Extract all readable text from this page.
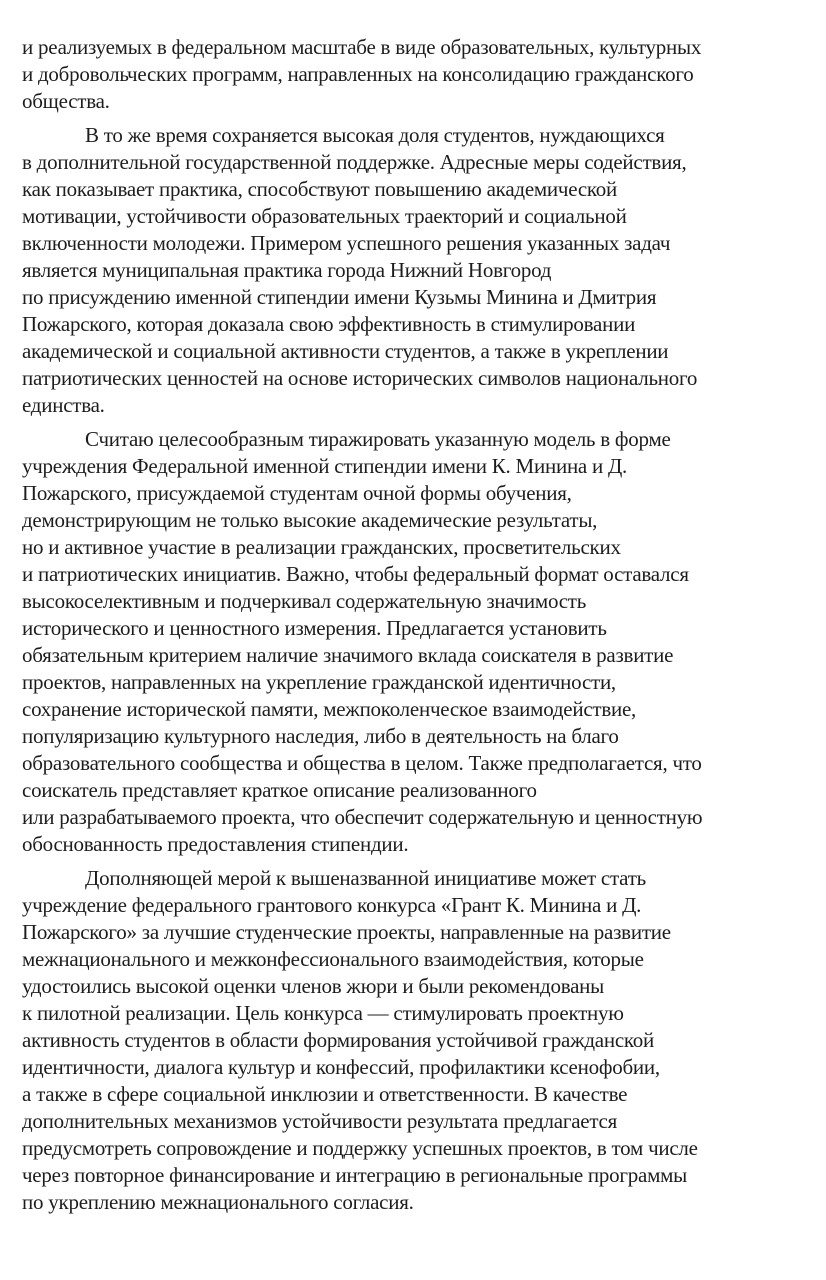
и реализуемых в федеральном масштабе в виде образовательных, культурных
и добровольческих программ, направленных на консолидацию гражданского
общества.
В то же время сохраняется высокая доля студентов, нуждающихся
в дополнительной государственной поддержке. Адресные меры содействия,
как показывает практика, способствуют повышению академической
мотивации, устойчивости образовательных траекторий и социальной
включенности молодежи. Примером успешного решения указанных задач
является муниципальная практика города Нижний Новгород
по присуждению именной стипендии имени Кузьмы Минина и Дмитрия
Пожарского, которая доказала свою эффективность в стимулировании
академической и социальной активности студентов, а также в укреплении
патриотических ценностей на основе исторических символов национального
единства.
Считаю целесообразным тиражировать указанную модель в форме
учреждения Федеральной именной стипендии имени К. Минина и Д.
Пожарского, присуждаемой студентам очной формы обучения,
демонстрирующим не только высокие академические результаты,
но и активное участие в реализации гражданских, просветительских
и патриотических инициатив. Важно, чтобы федеральный формат оставался
высокоселективным и подчеркивал содержательную значимость
исторического и ценностного измерения. Предлагается установить
обязательным критерием наличие значимого вклада соискателя в развитие
проектов, направленных на укрепление гражданской идентичности,
сохранение исторической памяти, межпоколенческое взаимодействие,
популяризацию культурного наследия, либо в деятельность на благо
образовательного сообщества и общества в целом. Также предполагается, что
соискатель представляет краткое описание реализованного
или разрабатываемого проекта, что обеспечит содержательную и ценностную
обоснованность предоставления стипендии.
Дополняющей мерой к вышеназванной инициативе может стать
учреждение федерального грантового конкурса «Грант К. Минина и Д.
Пожарского» за лучшие студенческие проекты, направленные на развитие
межнационального и межконфессионального взаимодействия, которые
удостоились высокой оценки членов жюри и были рекомендованы
к пилотной реализации. Цель конкурса — стимулировать проектную
активность студентов в области формирования устойчивой гражданской
идентичности, диалога культур и конфессий, профилактики ксенофобии,
а также в сфере социальной инклюзии и ответственности. В качестве
дополнительных механизмов устойчивости результата предлагается
предусмотреть сопровождение и поддержку успешных проектов, в том числе
через повторное финансирование и интеграцию в региональные программы
по укреплению межнационального согласия.
